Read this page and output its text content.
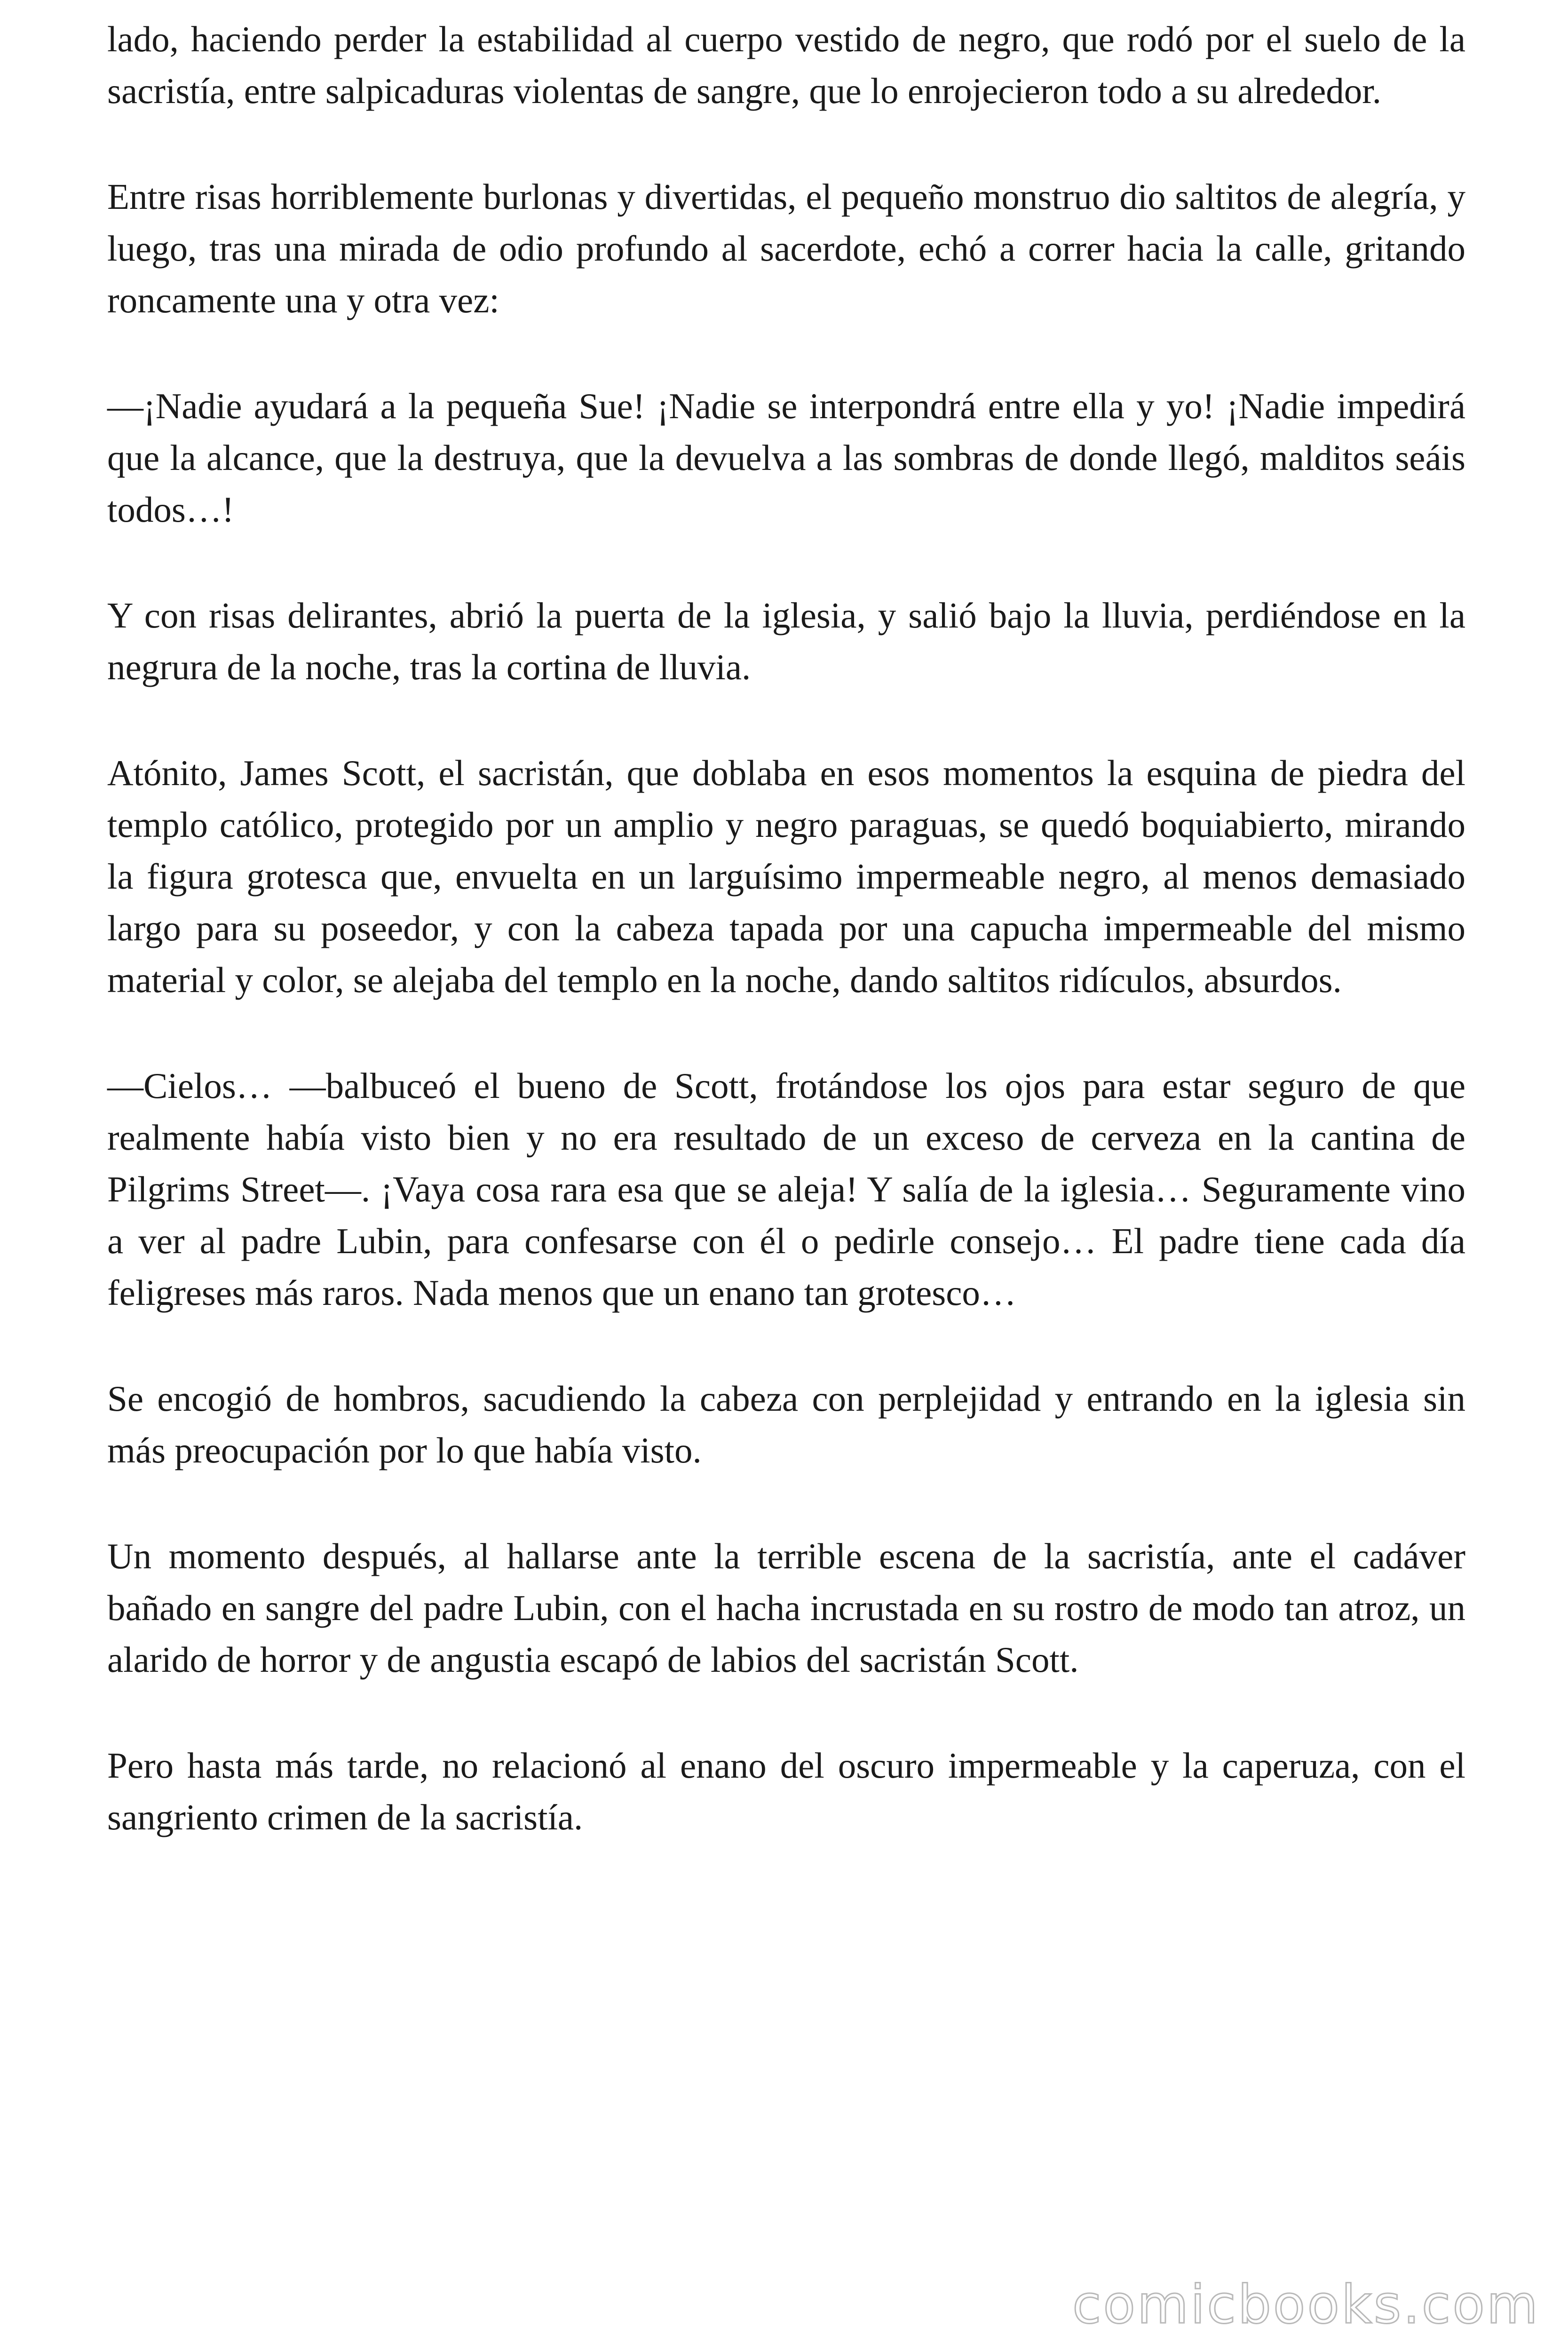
lado, haciendo perder la estabilidad al cuerpo vestido de negro, que rodó por el suelo de la sacristía, entre salpicaduras violentas de sangre, que lo enrojecieron todo a su alrededor.

Entre risas horriblemente burlonas y divertidas, el pequeño monstruo dio saltitos de alegría, y luego, tras una mirada de odio profundo al sacerdote, echó a correr hacia la calle, gritando roncamente una y otra vez:

—¡Nadie ayudará a la pequeña Sue! ¡Nadie se interpondrá entre ella y yo! ¡Nadie impedirá que la alcance, que la destruya, que la devuelva a las sombras de donde llegó, malditos seáis todos…!

Y con risas delirantes, abrió la puerta de la iglesia, y salió bajo la lluvia, perdiéndose en la negrura de la noche, tras la cortina de lluvia.

Atónito, James Scott, el sacristán, que doblaba en esos momentos la esquina de piedra del templo católico, protegido por un amplio y negro paraguas, se quedó boquiabierto, mirando la figura grotesca que, envuelta en un larguísimo impermeable negro, al menos demasiado largo para su poseedor, y con la cabeza tapada por una capucha impermeable del mismo material y color, se alejaba del templo en la noche, dando saltitos ridículos, absurdos.

—Cielos… —balbuceó el bueno de Scott, frotándose los ojos para estar seguro de que realmente había visto bien y no era resultado de un exceso de cerveza en la cantina de Pilgrims Street—. ¡Vaya cosa rara esa que se aleja! Y salía de la iglesia… Seguramente vino a ver al padre Lubin, para confesarse con él o pedirle consejo… El padre tiene cada día feligreses más raros. Nada menos que un enano tan grotesco…

Se encogió de hombros, sacudiendo la cabeza con perplejidad y entrando en la iglesia sin más preocupación por lo que había visto.

Un momento después, al hallarse ante la terrible escena de la sacristía, ante el cadáver bañado en sangre del padre Lubin, con el hacha incrustada en su rostro de modo tan atroz, un alarido de horror y de angustia escapó de labios del sacristán Scott.

Pero hasta más tarde, no relacionó al enano del oscuro impermeable y la caperuza, con el sangriento crimen de la sacristía.

comicbooks.com
